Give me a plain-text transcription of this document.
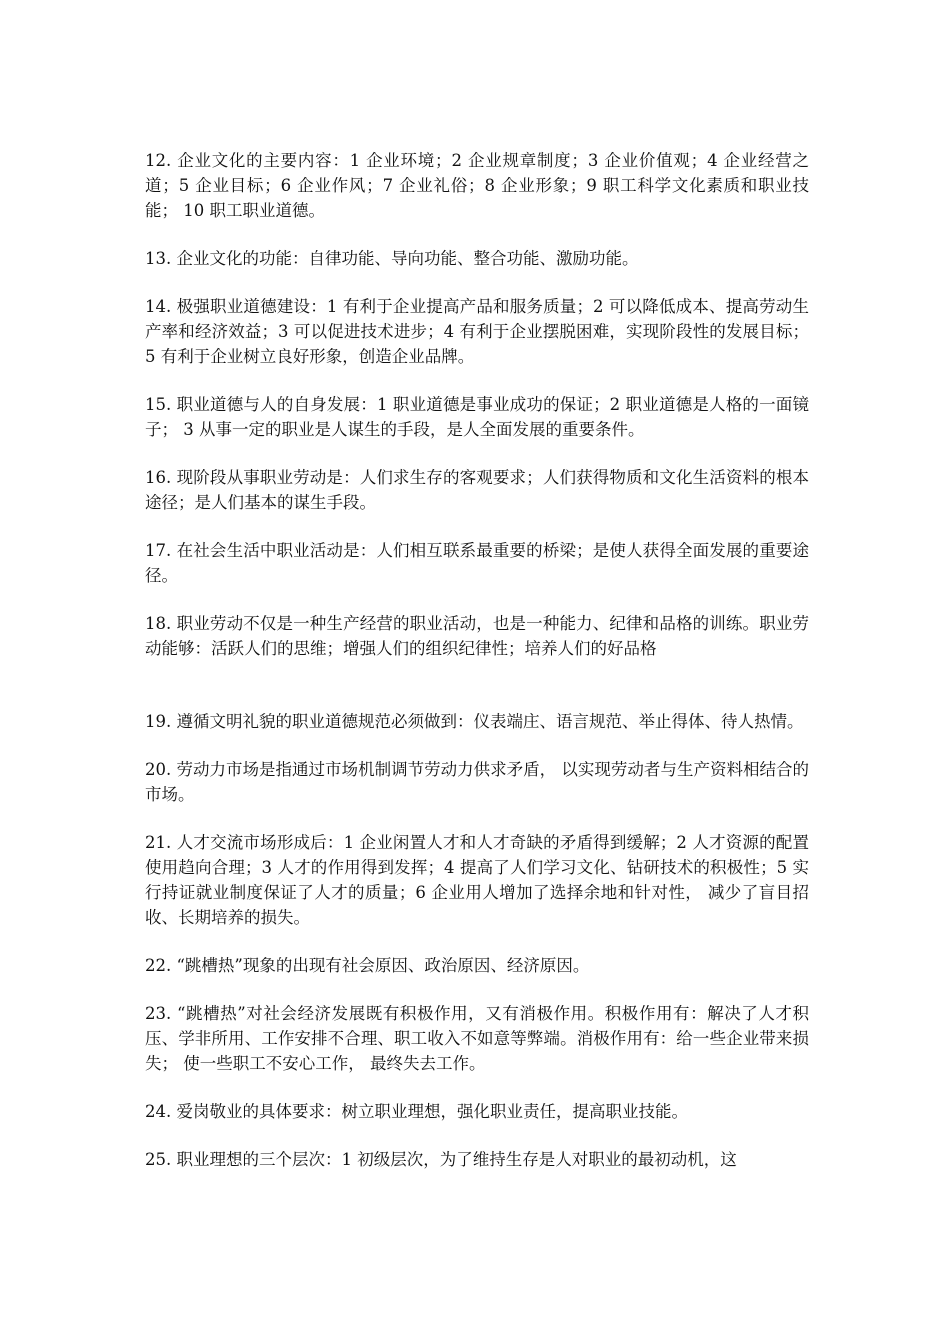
12. 企业文化的主要内容：1 企业环境；2 企业规章制度；3 企业价值观；4 企业经营之道；5 企业目标；6 企业作风；7 企业礼俗；8 企业形象；9 职工科学文化素质和职业技能； 10 职工职业道德。

13. 企业文化的功能：自律功能、导向功能、整合功能、激励功能。

14. 极强职业道德建设：1 有利于企业提高产品和服务质量；2 可以降低成本、提高劳动生产率和经济效益；3 可以促进技术进步；4 有利于企业摆脱困难，实现阶段性的发展目标； 5 有利于企业树立良好形象，创造企业品牌。

15. 职业道德与人的自身发展：1 职业道德是事业成功的保证；2 职业道德是人格的一面镜子； 3 从事一定的职业是人谋生的手段，是人全面发展的重要条件。

16. 现阶段从事职业劳动是：人们求生存的客观要求；人们获得物质和文化生活资料的根本途径；是人们基本的谋生手段。

17. 在社会生活中职业活动是：人们相互联系最重要的桥梁；是使人获得全面发展的重要途径。

18. 职业劳动不仅是一种生产经营的职业活动，也是一种能力、纪律和品格的训练。职业劳动能够：活跃人们的思维；增强人们的组织纪律性；培养人们的好品格

19. 遵循文明礼貌的职业道德规范必须做到：仪表端庄、语言规范、举止得体、待人热情。

20. 劳动力市场是指通过市场机制调节劳动力供求矛盾， 以实现劳动者与生产资料相结合的市场。

21. 人才交流市场形成后：1 企业闲置人才和人才奇缺的矛盾得到缓解；2 人才资源的配置使用趋向合理；3 人才的作用得到发挥；4 提高了人们学习文化、钻研技术的积极性；5 实行持证就业制度保证了人才的质量；6 企业用人增加了选择余地和针对性， 减少了盲目招收、长期培养的损失。

22. “跳槽热”现象的出现有社会原因、政治原因、经济原因。

23. “跳槽热”对社会经济发展既有积极作用，又有消极作用。积极作用有：解决了人才积压、学非所用、工作安排不合理、职工收入不如意等弊端。消极作用有：给一些企业带来损失； 使一些职工不安心工作， 最终失去工作。

24. 爱岗敬业的具体要求：树立职业理想，强化职业责任，提高职业技能。

25. 职业理想的三个层次：1 初级层次，为了维持生存是人对职业的最初动机，这
